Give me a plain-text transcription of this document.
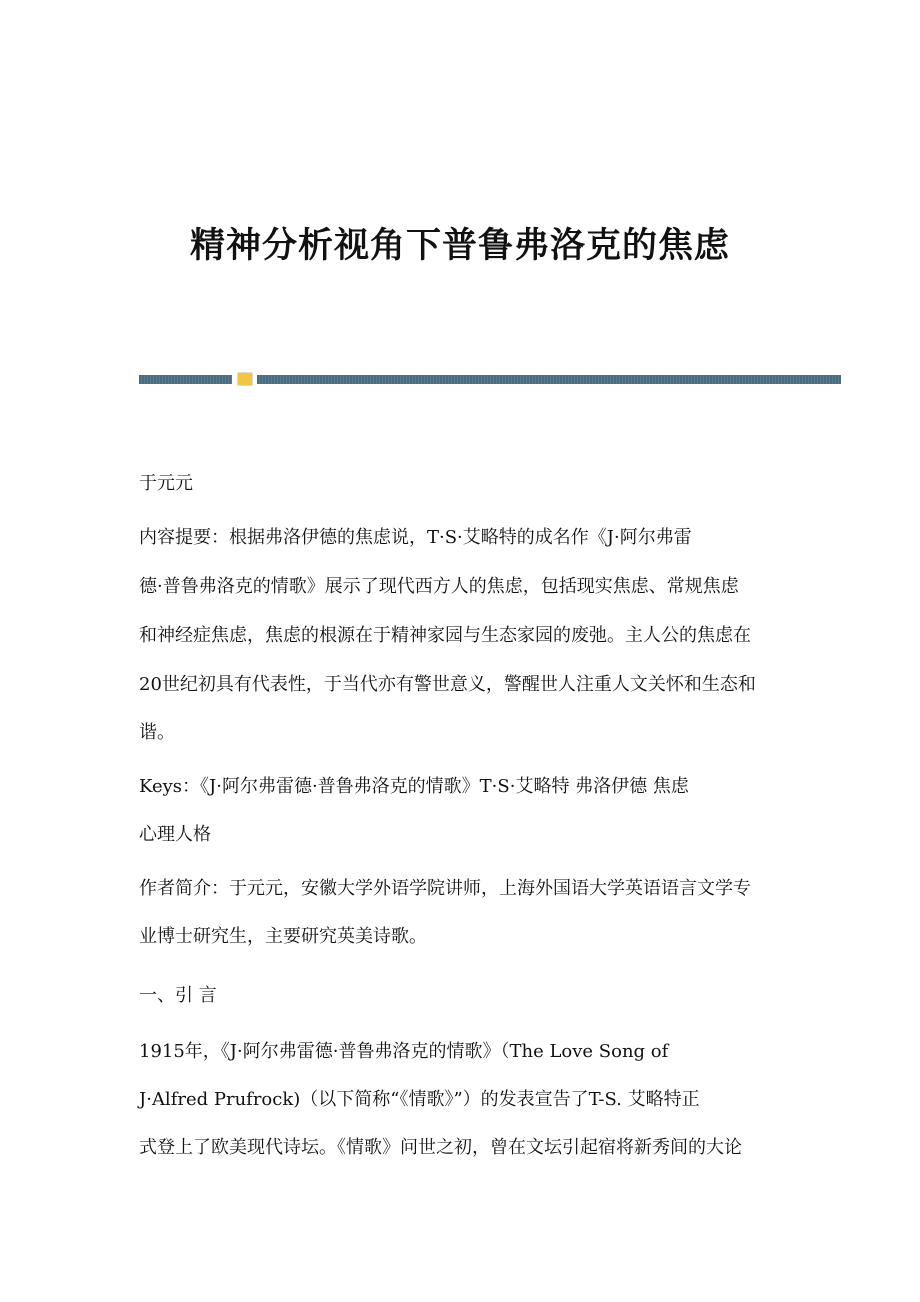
精神分析视角下普鲁弗洛克的焦虑
于元元
内容提要：根据弗洛伊德的焦虑说，T·S·艾略特的成名作《J·阿尔弗雷
德·普鲁弗洛克的情歌》展示了现代西方人的焦虑，包括现实焦虑、常规焦虑
和神经症焦虑，焦虑的根源在于精神家园与生态家园的废弛。主人公的焦虑在
20世纪初具有代表性，于当代亦有警世意义，警醒世人注重人文关怀和生态和
谐。
Keys：《J·阿尔弗雷德·普鲁弗洛克的情歌》T·S·艾略特 弗洛伊德 焦虑
心理人格
作者简介：于元元，安徽大学外语学院讲师，上海外国语大学英语语言文学专
业博士研究生，主要研究英美诗歌。
一、引 言
1915年，《J·阿尔弗雷德·普鲁弗洛克的情歌》（The Love Song of
J·Alfred Prufrock)（以下简称“《情歌》”）的发表宣告了T-S. 艾略特正
式登上了欧美现代诗坛。《情歌》问世之初，曾在文坛引起宿将新秀间的大论
